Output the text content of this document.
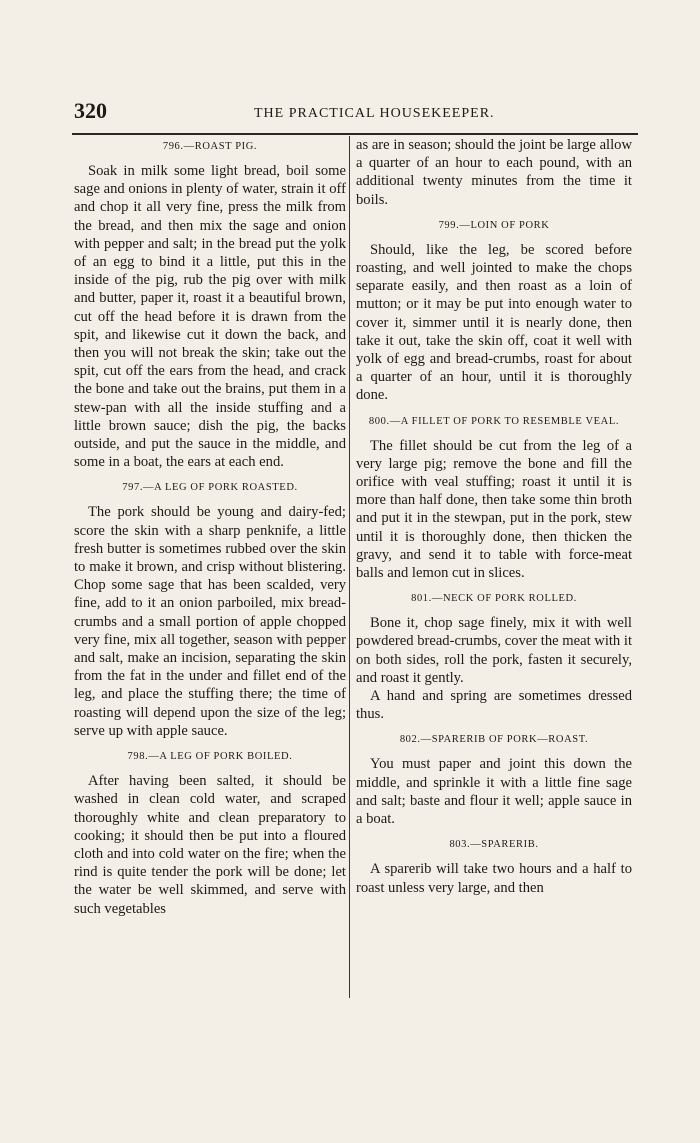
320	THE PRACTICAL HOUSEKEEPER.
796.—ROAST PIG.

Soak in milk some light bread, boil some sage and onions in plenty of water, strain it off and chop it all very fine, press the milk from the bread, and then mix the sage and onion with pepper and salt; in the bread put the yolk of an egg to bind it a little, put this in the inside of the pig, rub the pig over with milk and butter, paper it, roast it a beautiful brown, cut off the head before it is drawn from the spit, and likewise cut it down the back, and then you will not break the skin; take out the spit, cut off the ears from the head, and crack the bone and take out the brains, put them in a stew-pan with all the inside stuffing and a little brown sauce; dish the pig, the backs outside, and put the sauce in the middle, and some in a boat, the ears at each end.

797.—A LEG OF PORK ROASTED.

The pork should be young and dairy-fed; score the skin with a sharp penknife, a little fresh butter is sometimes rubbed over the skin to make it brown, and crisp without blistering. Chop some sage that has been scalded, very fine, add to it an onion parboiled, mix bread-crumbs and a small portion of apple chopped very fine, mix all together, season with pepper and salt, make an incision, separating the skin from the fat in the under and fillet end of the leg, and place the stuffing there; the time of roasting will depend upon the size of the leg; serve up with apple sauce.

798.—A LEG OF PORK BOILED.

After having been salted, it should be washed in clean cold water, and scraped thoroughly white and clean preparatory to cooking; it should then be put into a floured cloth and into cold water on the fire; when the rind is quite tender the pork will be done; let the water be well skimmed, and serve with such vegetables

as are in season; should the joint be large allow a quarter of an hour to each pound, with an additional twenty minutes from the time it boils.

799.—LOIN OF PORK

Should, like the leg, be scored before roasting, and well jointed to make the chops separate easily, and then roast as a loin of mutton; or it may be put into enough water to cover it, simmer until it is nearly done, then take it out, take the skin off, coat it well with yolk of egg and bread-crumbs, roast for about a quarter of an hour, until it is thoroughly done.

800.—A FILLET OF PORK TO RESEMBLE VEAL.

The fillet should be cut from the leg of a very large pig; remove the bone and fill the orifice with veal stuffing; roast it until it is more than half done, then take some thin broth and put it in the stewpan, put in the pork, stew until it is thoroughly done, then thicken the gravy, and send it to table with force-meat balls and lemon cut in slices.

801.—NECK OF PORK ROLLED.

Bone it, chop sage finely, mix it with well powdered bread-crumbs, cover the meat with it on both sides, roll the pork, fasten it securely, and roast it gently.

A hand and spring are sometimes dressed thus.

802.—SPARERIB OF PORK—ROAST.

You must paper and joint this down the middle, and sprinkle it with a little fine sage and salt; baste and flour it well; apple sauce in a boat.

803.—SPARERIB.

A sparerib will take two hours and a half to roast unless very large, and then
